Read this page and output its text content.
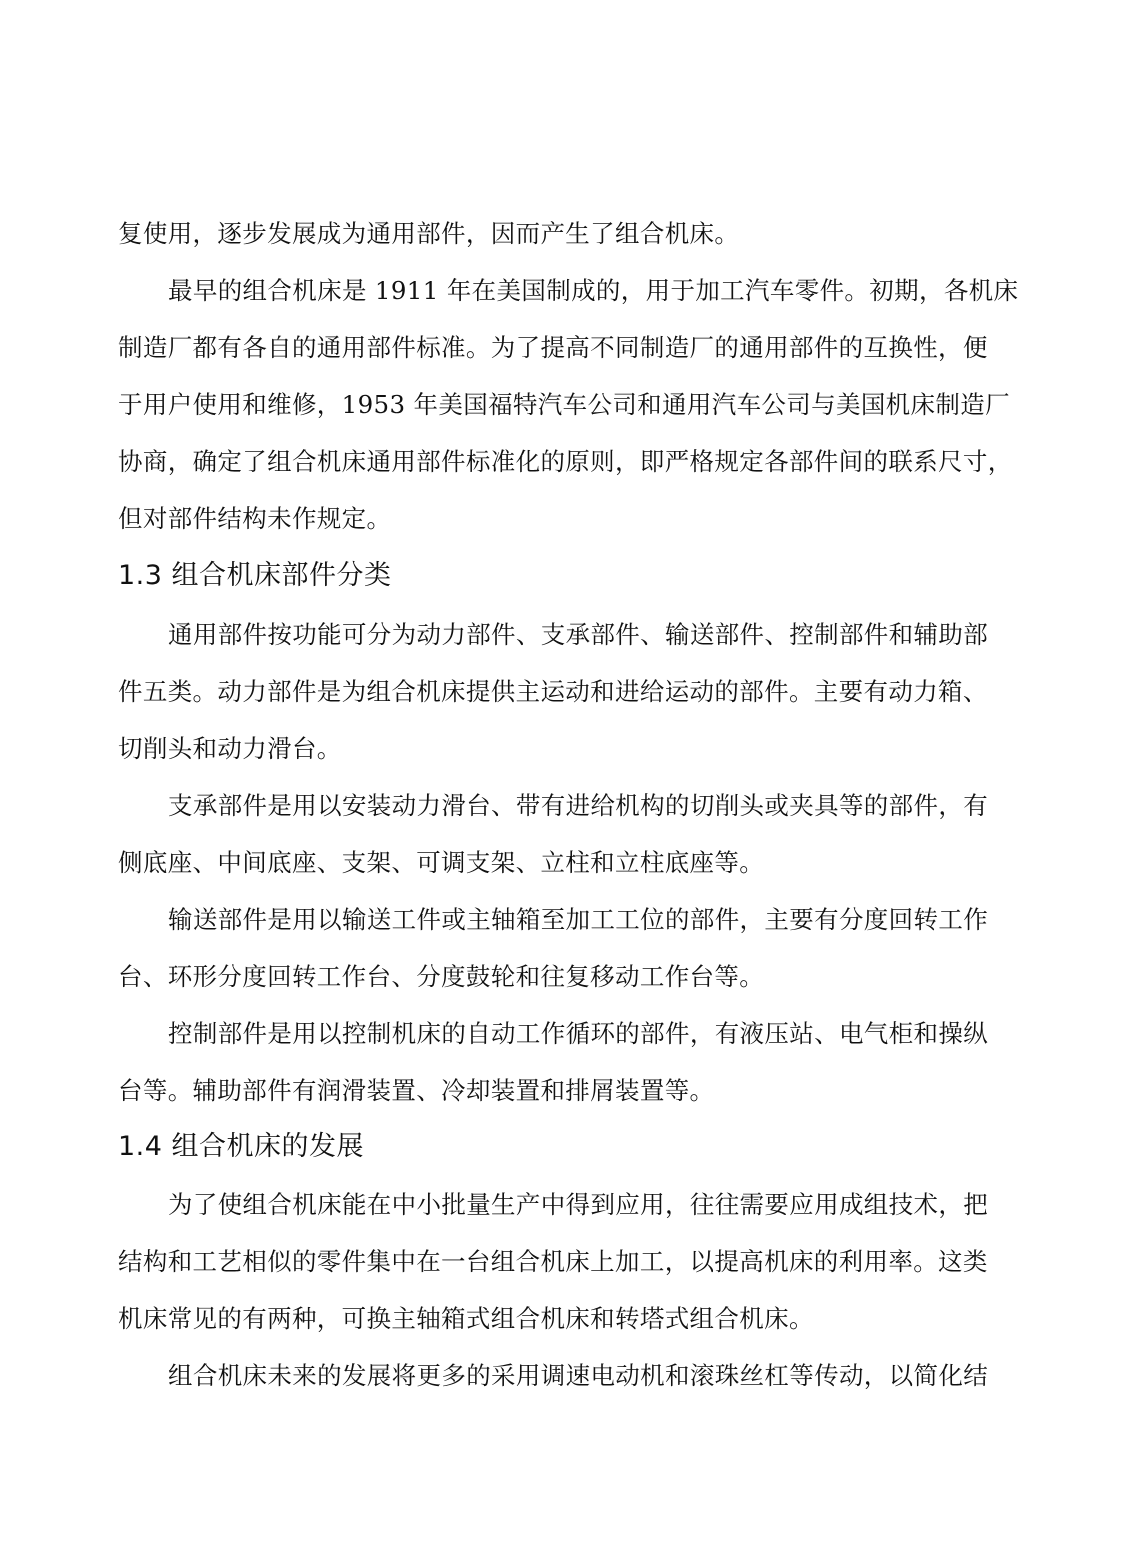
复使用，逐步发展成为通用部件，因而产生了组合机床。
最早的组合机床是 1911 年在美国制成的，用于加工汽车零件。初期，各机床
制造厂都有各自的通用部件标准。为了提高不同制造厂的通用部件的互换性，便
于用户使用和维修，1953 年美国福特汽车公司和通用汽车公司与美国机床制造厂
协商，确定了组合机床通用部件标准化的原则，即严格规定各部件间的联系尺寸，
但对部件结构未作规定。
1.3 组合机床部件分类
通用部件按功能可分为动力部件、支承部件、输送部件、控制部件和辅助部
件五类。动力部件是为组合机床提供主运动和进给运动的部件。主要有动力箱、
切削头和动力滑台。
支承部件是用以安装动力滑台、带有进给机构的切削头或夹具等的部件，有
侧底座、中间底座、支架、可调支架、立柱和立柱底座等。
输送部件是用以输送工件或主轴箱至加工工位的部件，主要有分度回转工作
台、环形分度回转工作台、分度鼓轮和往复移动工作台等。
控制部件是用以控制机床的自动工作循环的部件，有液压站、电气柜和操纵
台等。辅助部件有润滑装置、冷却装置和排屑装置等。
1.4 组合机床的发展
为了使组合机床能在中小批量生产中得到应用，往往需要应用成组技术，把
结构和工艺相似的零件集中在一台组合机床上加工，以提高机床的利用率。这类
机床常见的有两种，可换主轴箱式组合机床和转塔式组合机床。
组合机床未来的发展将更多的采用调速电动机和滚珠丝杠等传动，以简化结
